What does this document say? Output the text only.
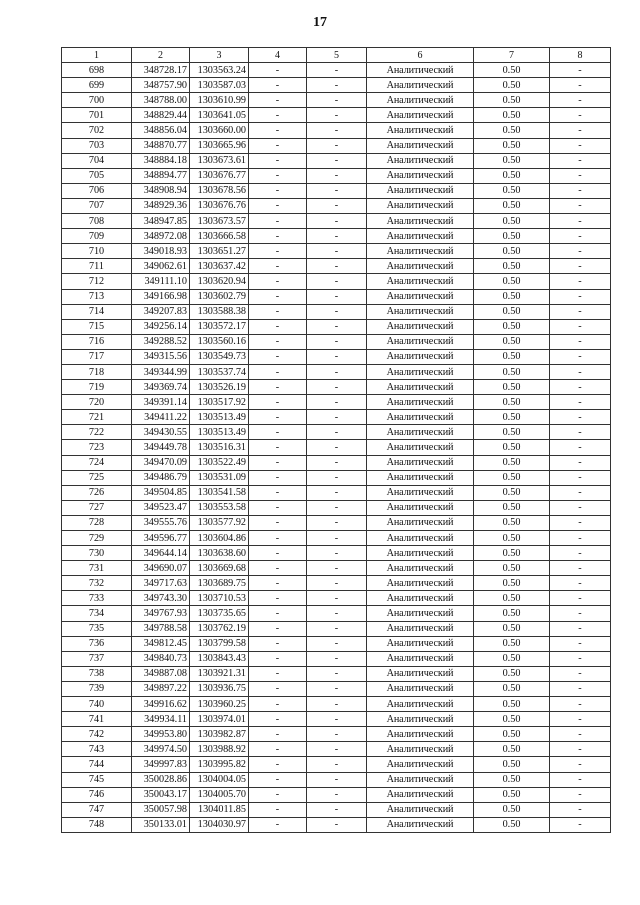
17
1	2	3	4	5	6	7	8
698	348728.17	1303563.24	-	-	Аналитический	0.50	-
699	348757.90	1303587.03	-	-	Аналитический	0.50	-
700	348788.00	1303610.99	-	-	Аналитический	0.50	-
701	348829.44	1303641.05	-	-	Аналитический	0.50	-
702	348856.04	1303660.00	-	-	Аналитический	0.50	-
703	348870.77	1303665.96	-	-	Аналитический	0.50	-
704	348884.18	1303673.61	-	-	Аналитический	0.50	-
705	348894.77	1303676.77	-	-	Аналитический	0.50	-
706	348908.94	1303678.56	-	-	Аналитический	0.50	-
707	348929.36	1303676.76	-	-	Аналитический	0.50	-
708	348947.85	1303673.57	-	-	Аналитический	0.50	-
709	348972.08	1303666.58	-	-	Аналитический	0.50	-
710	349018.93	1303651.27	-	-	Аналитический	0.50	-
711	349062.61	1303637.42	-	-	Аналитический	0.50	-
712	349111.10	1303620.94	-	-	Аналитический	0.50	-
713	349166.98	1303602.79	-	-	Аналитический	0.50	-
714	349207.83	1303588.38	-	-	Аналитический	0.50	-
715	349256.14	1303572.17	-	-	Аналитический	0.50	-
716	349288.52	1303560.16	-	-	Аналитический	0.50	-
717	349315.56	1303549.73	-	-	Аналитический	0.50	-
718	349344.99	1303537.74	-	-	Аналитический	0.50	-
719	349369.74	1303526.19	-	-	Аналитический	0.50	-
720	349391.14	1303517.92	-	-	Аналитический	0.50	-
721	349411.22	1303513.49	-	-	Аналитический	0.50	-
722	349430.55	1303513.49	-	-	Аналитический	0.50	-
723	349449.78	1303516.31	-	-	Аналитический	0.50	-
724	349470.09	1303522.49	-	-	Аналитический	0.50	-
725	349486.79	1303531.09	-	-	Аналитический	0.50	-
726	349504.85	1303541.58	-	-	Аналитический	0.50	-
727	349523.47	1303553.58	-	-	Аналитический	0.50	-
728	349555.76	1303577.92	-	-	Аналитический	0.50	-
729	349596.77	1303604.86	-	-	Аналитический	0.50	-
730	349644.14	1303638.60	-	-	Аналитический	0.50	-
731	349690.07	1303669.68	-	-	Аналитический	0.50	-
732	349717.63	1303689.75	-	-	Аналитический	0.50	-
733	349743.30	1303710.53	-	-	Аналитический	0.50	-
734	349767.93	1303735.65	-	-	Аналитический	0.50	-
735	349788.58	1303762.19	-	-	Аналитический	0.50	-
736	349812.45	1303799.58	-	-	Аналитический	0.50	-
737	349840.73	1303843.43	-	-	Аналитический	0.50	-
738	349887.08	1303921.31	-	-	Аналитический	0.50	-
739	349897.22	1303936.75	-	-	Аналитический	0.50	-
740	349916.62	1303960.25	-	-	Аналитический	0.50	-
741	349934.11	1303974.01	-	-	Аналитический	0.50	-
742	349953.80	1303982.87	-	-	Аналитический	0.50	-
743	349974.50	1303988.92	-	-	Аналитический	0.50	-
744	349997.83	1303995.82	-	-	Аналитический	0.50	-
745	350028.86	1304004.05	-	-	Аналитический	0.50	-
746	350043.17	1304005.70	-	-	Аналитический	0.50	-
747	350057.98	1304011.85	-	-	Аналитический	0.50	-
748	350133.01	1304030.97	-	-	Аналитический	0.50	-
